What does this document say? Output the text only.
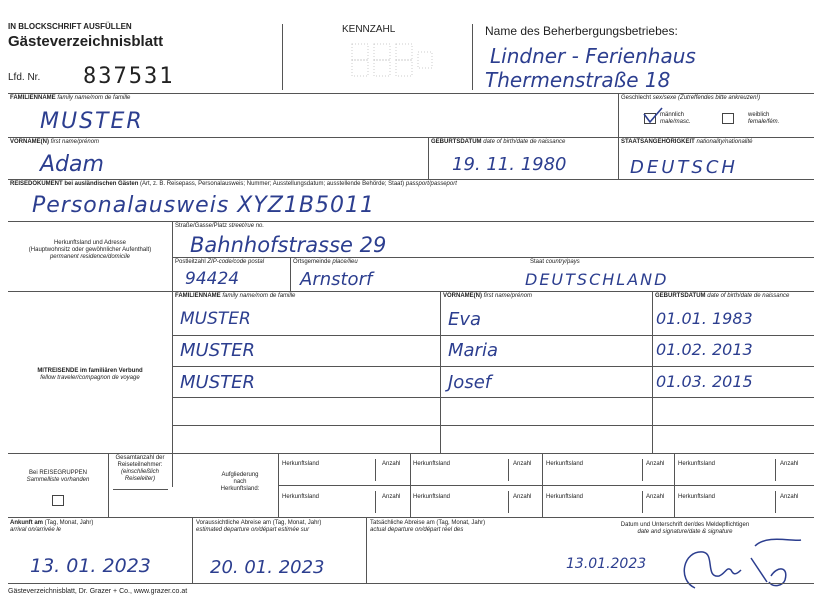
IN BLOCKSCHRIFT AUSFÜLLEN
Gästeverzeichnisblatt
Lfd. Nr. 837531
KENNZAHL	Name des Beherbergungsbetriebes:
Lindner - Ferienhaus
Thermenstraße 18
FAMILIENNAME family name/nom de famille
MUSTER
Geschlecht sex/sexe (Zutreffendes bitte ankreuzen!)
männlich
male/masc.
weiblich
female/fém.
VORNAME(N) first name/prénom
Adam
GEBURTSDATUM date of birth/date de naissance
19. 11. 1980
STAATSANGEHÖRIGKEIT nationality/nationalité
DEUTSCH
REISEDOKUMENT bei ausländischen Gästen (Art, z. B. Reisepass, Personalausweis; Nummer; Ausstellungsdatum; ausstellende Behörde; Staat) passport/passeport
Personalausweis XYZ1B5011
Herkunftsland und Adresse
(Hauptwohnsitz oder gewöhnlicher Aufenthalt)
permanent residence/domicile
Straße/Gasse/Platz street/rue no.
Bahnhofstrasse 29
Postleitzahl ZIP-code/code postal
94424
Ortsgemeinde place/lieu
Arnstorf
Staat country/pays
DEUTSCHLAND
MITREISENDE im familiären Verbund
fellow traveler/compagnon de voyage
FAMILIENNAME family name/nom de famille	VORNAME(N) first name/prénom	GEBURTSDATUM date of birth/date de naissance
MUSTER	Eva	01.01. 1983
MUSTER	Maria	01.02. 2013
MUSTER	Josef	01.03. 2015
Bei REISEGRUPPEN
Sammelliste vorhanden
Gesamtanzahl der
Reiseteilnehmer:
(einschließlich Reiseleiter)
Aufgliederung
nach
Herkunftsland:
Herkunftsland	Anzahl Herkunftsland	Anzahl Herkunftsland	Anzahl Herkunftsland	Anzahl
Herkunftsland	Anzahl Herkunftsland	Anzahl Herkunftsland	Anzahl Herkunftsland	Anzahl
Ankunft am (Tag, Monat, Jahr)
arrival on/arrivée le
13. 01. 2023
Voraussichtliche Abreise am (Tag, Monat, Jahr)
estimated departure on/départ estimée sur
20. 01. 2023
Tatsächliche Abreise am (Tag, Monat, Jahr)
actual departure on/départ réel des
Datum und Unterschrift der/des Meldepflichtigen
date and signature/date & signature
13.01.2023
Gästeverzeichnisblatt, Dr. Grazer + Co., www.grazer.co.at
